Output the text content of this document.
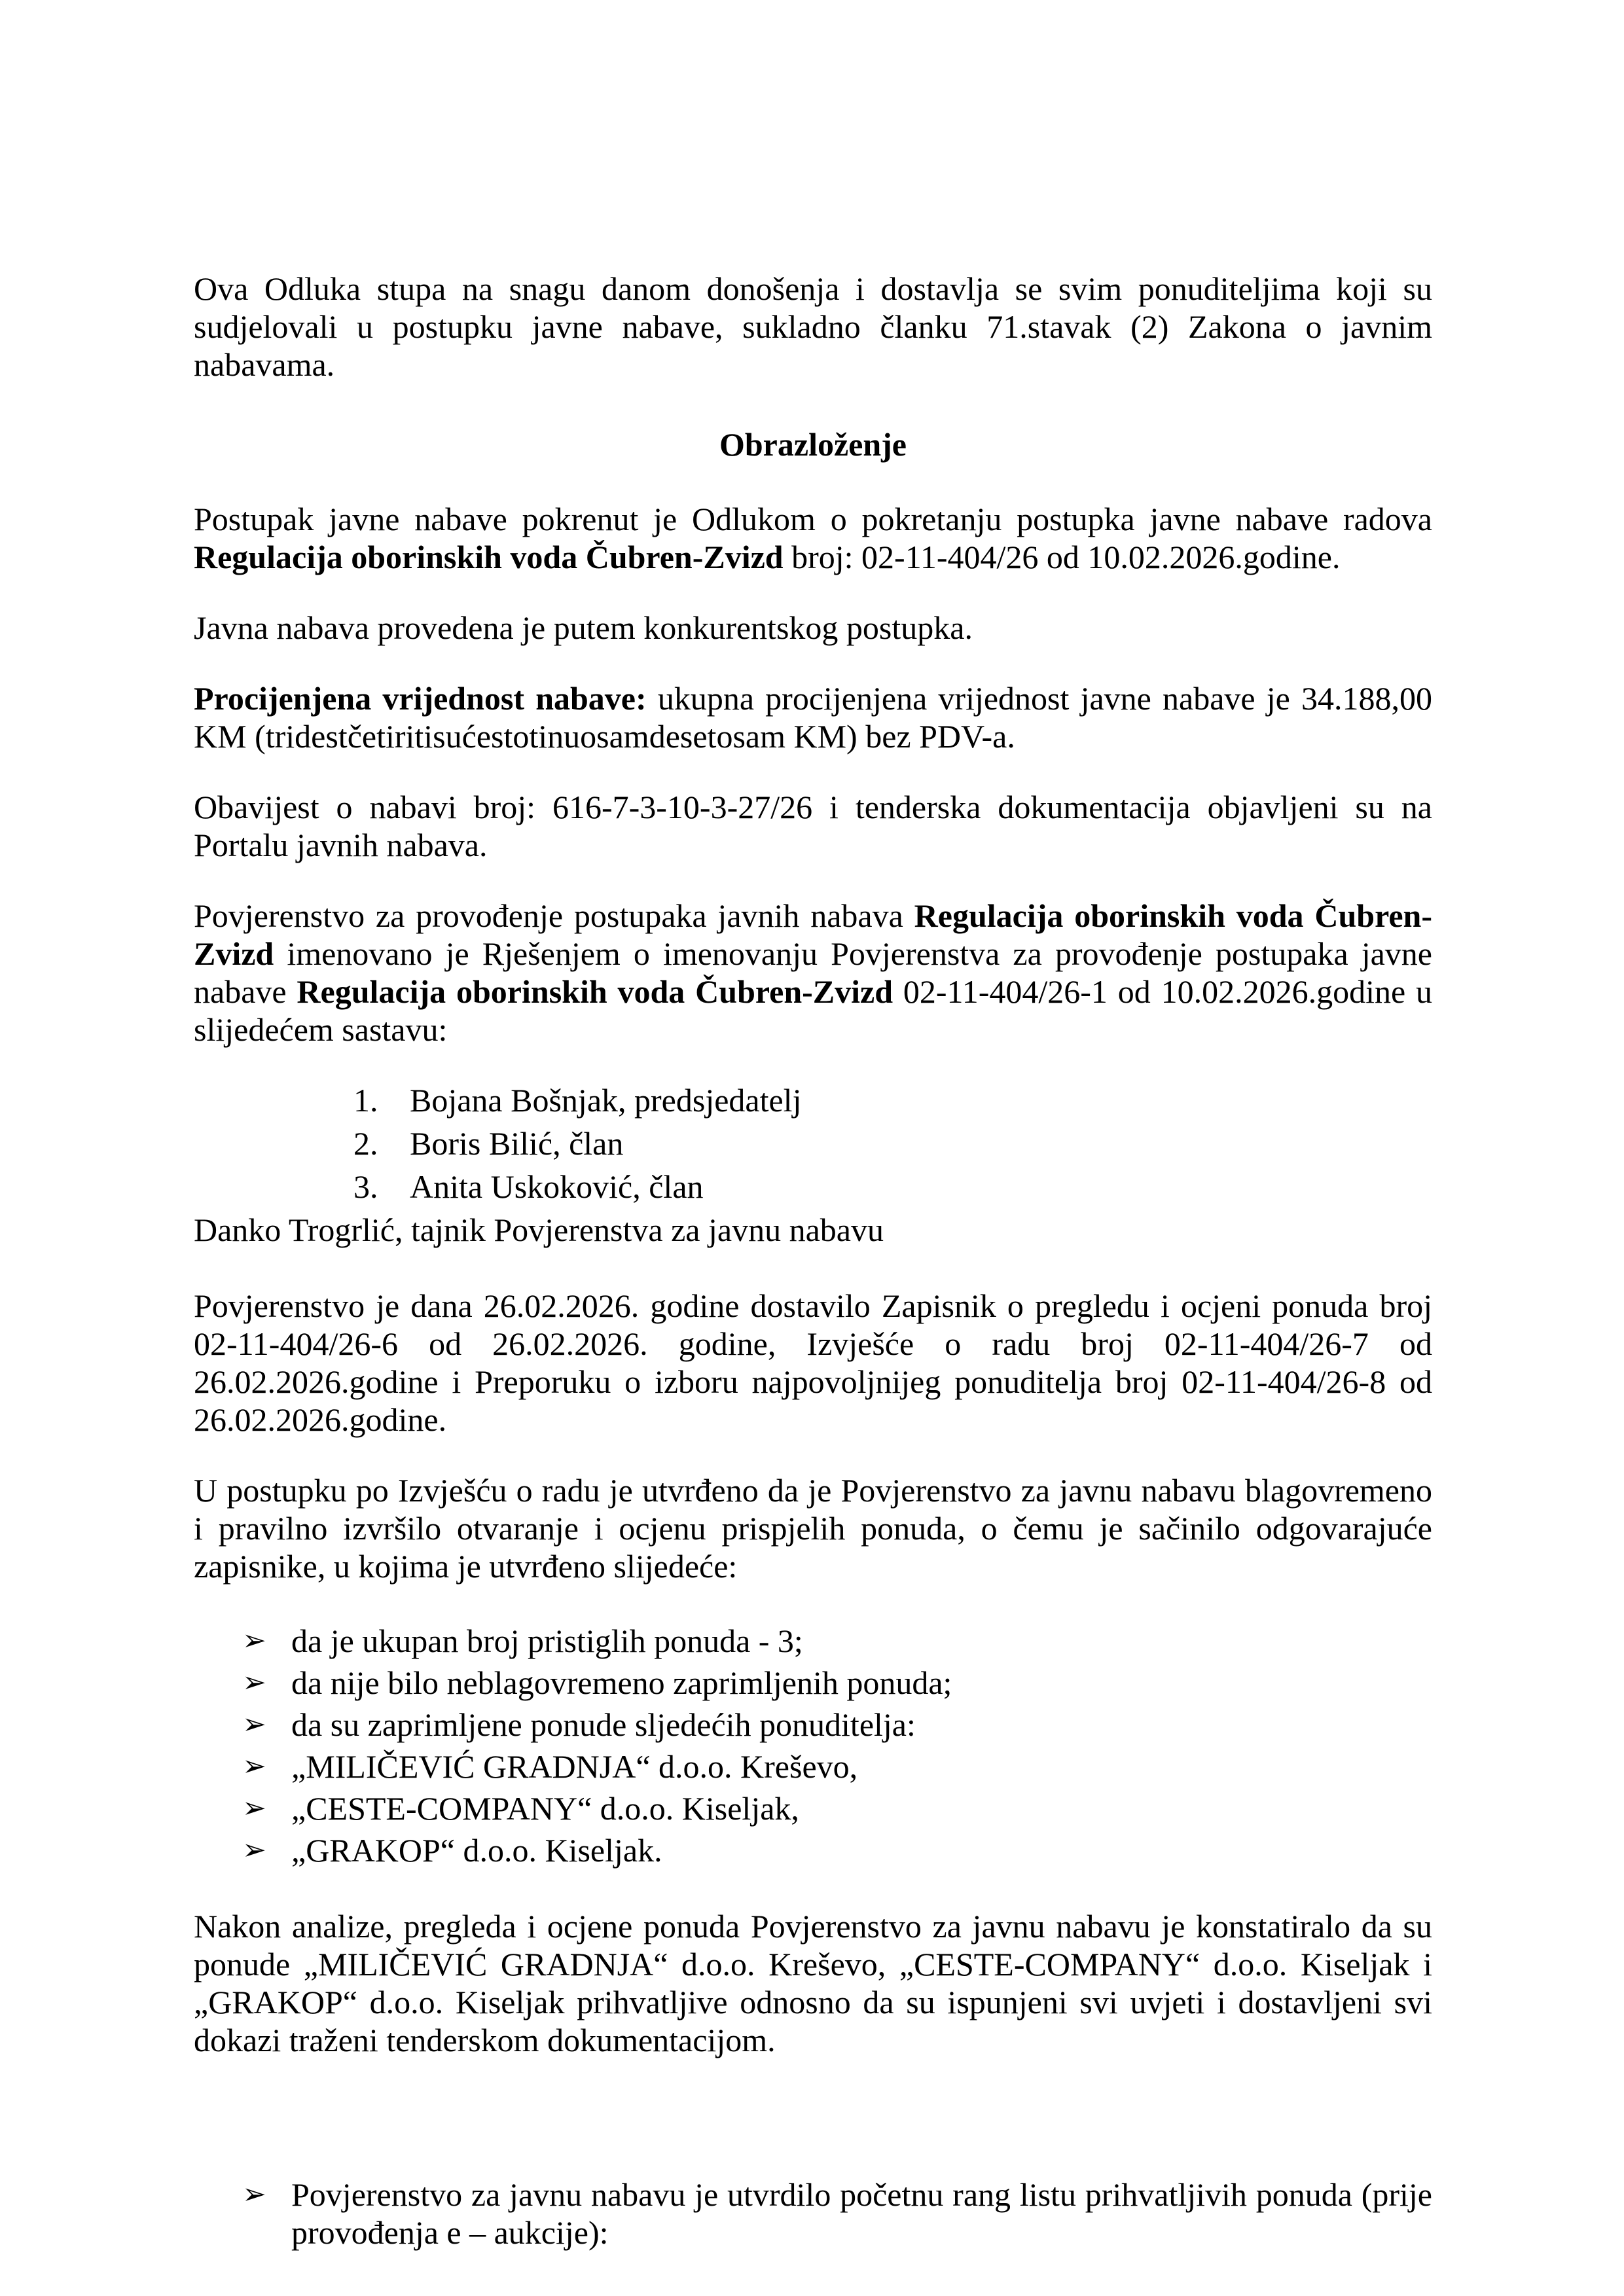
Ova Odluka stupa na snagu danom donošenja i dostavlja se svim ponuditeljima koji su sudjelovali u postupku javne nabave, sukladno članku 71.stavak (2) Zakona o javnim nabavama.

Obrazloženje

Postupak javne nabave pokrenut je Odlukom o pokretanju postupka javne nabave radova Regulacija oborinskih voda Čubren-Zvizd broj: 02-11-404/26 od 10.02.2026.godine.

Javna nabava provedena je putem konkurentskog postupka.

Procijenjena vrijednost nabave: ukupna procijenjena vrijednost javne nabave je 34.188,00 KM (tridestčetiritisućestotinuosamdesetosam KM) bez PDV-a.

Obavijest o nabavi broj: 616-7-3-10-3-27/26 i tenderska dokumentacija objavljeni su na Portalu javnih nabava.

Povjerenstvo za provođenje postupaka javnih nabava Regulacija oborinskih voda Čubren-Zvizd imenovano je Rješenjem o imenovanju Povjerenstva za provođenje postupaka javne nabave Regulacija oborinskih voda Čubren-Zvizd 02-11-404/26-1 od 10.02.2026.godine u slijedećem sastavu:

1. Bojana Bošnjak, predsjedatelj
2. Boris Bilić, član
3. Anita Uskoković, član

Danko Trogrlić, tajnik Povjerenstva za javnu nabavu

Povjerenstvo je dana 26.02.2026. godine dostavilo Zapisnik o pregledu i ocjeni ponuda broj 02-11-404/26-6 od 26.02.2026. godine, Izvješće o radu broj 02-11-404/26-7 od 26.02.2026.godine i Preporuku o izboru najpovoljnijeg ponuditelja broj 02-11-404/26-8 od 26.02.2026.godine.

U postupku po Izvješću o radu je utvrđeno da je Povjerenstvo za javnu nabavu blagovremeno i pravilno izvršilo otvaranje i ocjenu prispjelih ponuda, o čemu je sačinilo odgovarajuće zapisnike, u kojima je utvrđeno slijedeće:

➢ da je ukupan broj pristiglih ponuda - 3;
➢ da nije bilo neblagovremeno zaprimljenih ponuda;
➢ da su zaprimljene ponude sljedećih ponuditelja:
➢ „MILIČEVIĆ GRADNJA“ d.o.o. Kreševo,
➢ „CESTE-COMPANY“ d.o.o. Kiseljak,
➢ „GRAKOP“ d.o.o. Kiseljak.

Nakon analize, pregleda i ocjene ponuda Povjerenstvo za javnu nabavu je konstatiralo da su ponude „MILIČEVIĆ GRADNJA“ d.o.o. Kreševo, „CESTE-COMPANY“ d.o.o. Kiseljak i „GRAKOP“ d.o.o. Kiseljak prihvatljive odnosno da su ispunjeni svi uvjeti i dostavljeni svi dokazi traženi tenderskom dokumentacijom.

➢ Povjerenstvo za javnu nabavu je utvrdilo početnu rang listu prihvatljivih ponuda (prije provođenja e – aukcije):
